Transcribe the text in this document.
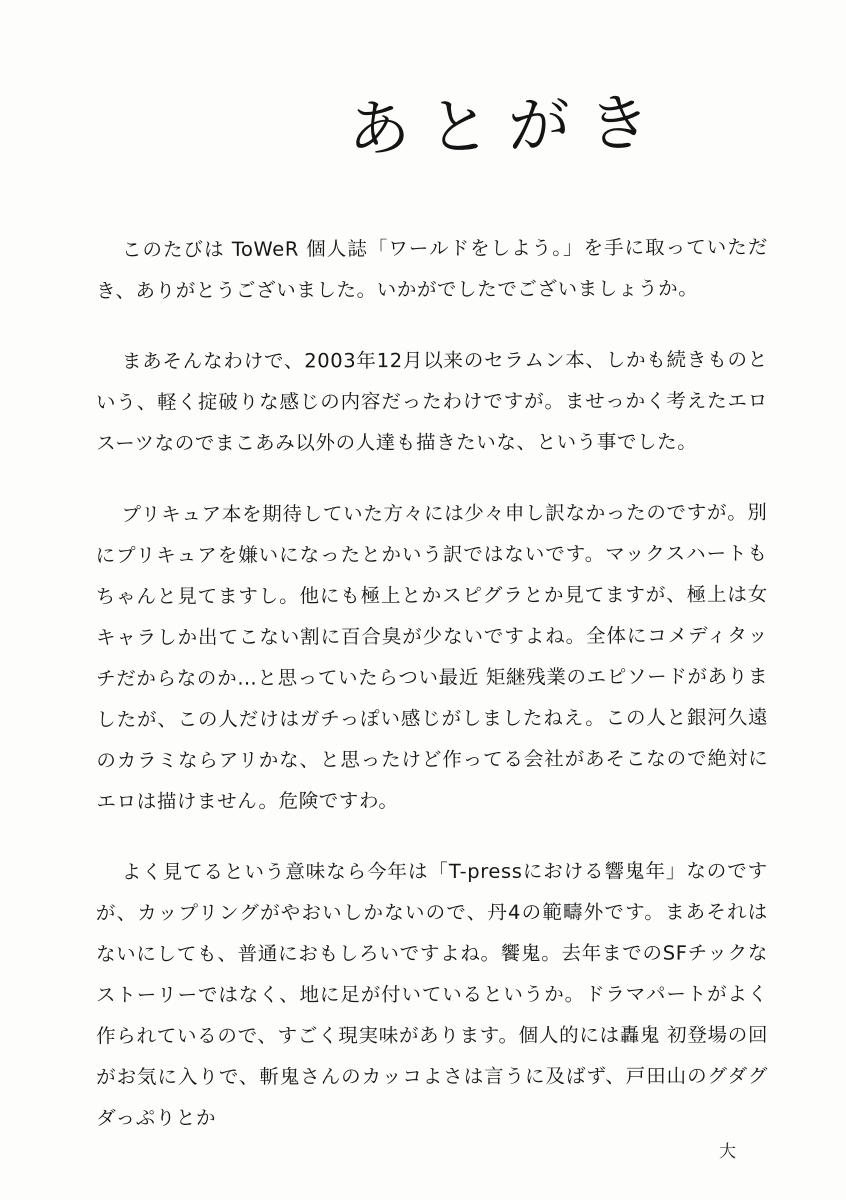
あとがき

このたびは ToWeR 個人誌「ワールドをしよう。」を手に取っていただき、ありがとうございました。いかがでしたでございましょうか。

まあそんなわけで、2003年12月以来のセラムン本、しかも続きものという、軽く掟破りな感じの内容だったわけですが。ませっかく考えたエロスーツなのでまこあみ以外の人達も描きたいな、という事でした。

プリキュア本を期待していた方々には少々申し訳なかったのですが。別にプリキュアを嫌いになったとかいう訳ではないです。マックスハートもちゃんと見てますし。他にも極上とかスピグラとか見てますが、極上は女キャラしか出てこない割に百合臭が少ないですよね。全体にコメディタッチだからなのか…と思っていたらつい最近 矩継残業のエピソードがありましたが、この人だけはガチっぽい感じがしましたねえ。この人と銀河久遠のカラミならアリかな、と思ったけど作ってる会社があそこなので絶対にエロは描けません。危険ですわ。

よく見てるという意味なら今年は「T-pressにおける響鬼年」なのですが、カップリングがやおいしかないので、丹4の範疇外です。まあそれはないにしても、普通におもしろいですよね。饗鬼。去年までのSFチックなストーリーではなく、地に足が付いているというか。ドラマパートがよく作られているので、すごく現実味があります。個人的には轟鬼 初登場の回がお気に入りで、斬鬼さんのカッコよさは言うに及ばず、戸田山のグダグダっぷりとか

大
